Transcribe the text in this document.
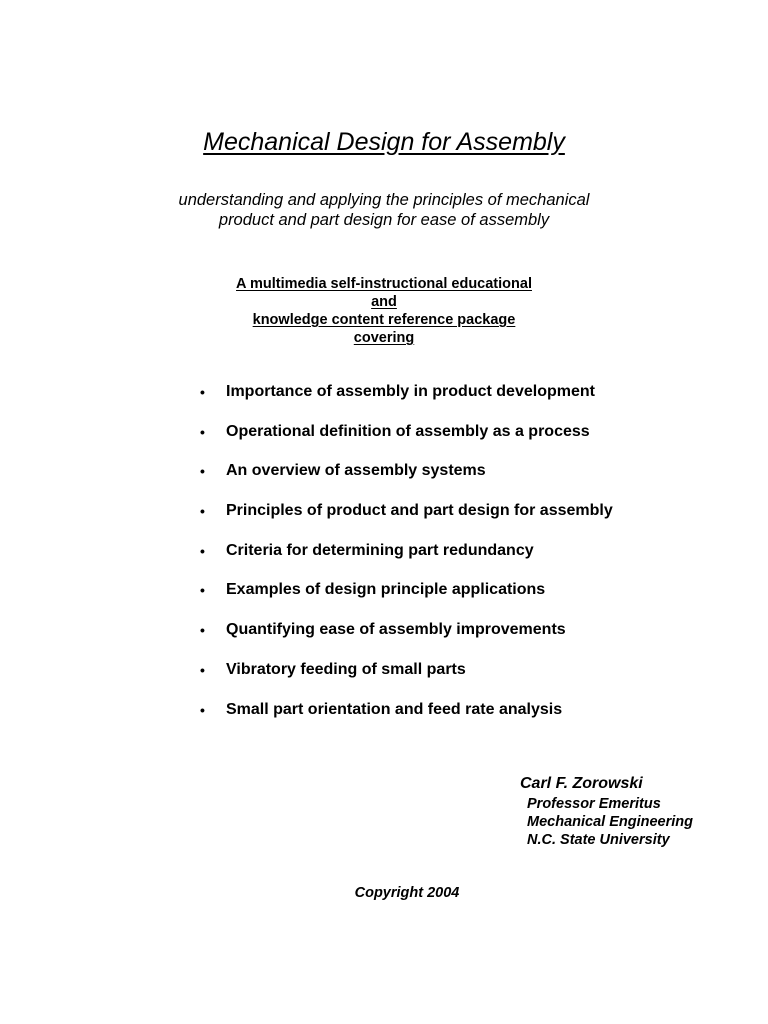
Mechanical Design for Assembly
understanding and applying the principles of mechanical
product and part design for ease of assembly
A multimedia self-instructional educational
and
knowledge content reference package
covering
•	Importance of assembly in product development
•	Operational definition of assembly as a process
•	An overview of assembly systems
•	Principles of product and part design for assembly
•	Criteria for determining part redundancy
•	Examples of design principle applications
•	Quantifying ease of assembly improvements
•	Vibratory feeding of small parts
•	Small part orientation and feed rate analysis
Carl F. Zorowski
Professor Emeritus
Mechanical Engineering
N.C. State University
Copyright 2004
